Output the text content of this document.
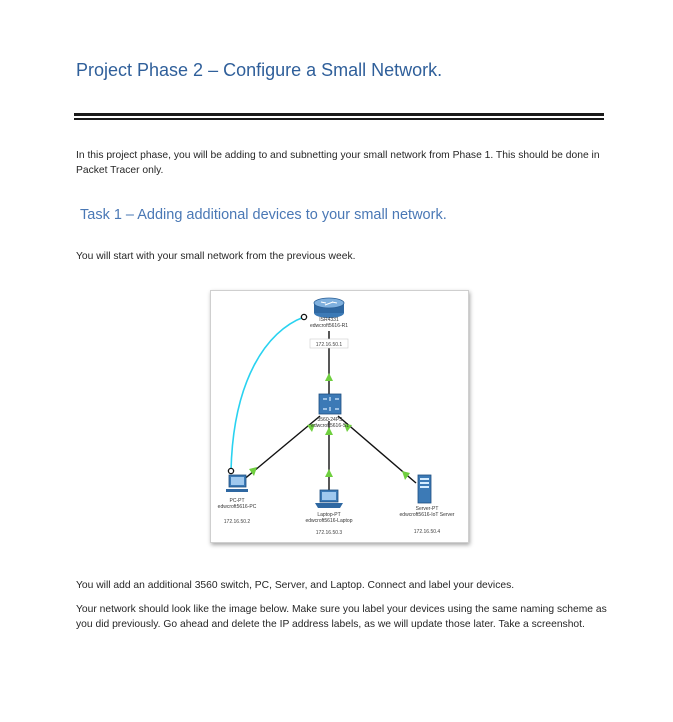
Project Phase 2 – Configure a Small Network.

In this project phase, you will be adding to and subnetting your small network from Phase 1. This should be done in Packet Tracer only.

Task 1 – Adding additional devices to your small network.

You will start with your small network from the previous week.

ISR4331
edwcroft5616-R1
172.16.50.1
3560-24PS
edwcroft5616-S1
PC-PT
edwcroft5616-PC
172.16.50.2
Laptop-PT
edwcroft5616-Laptop
172.16.50.3
Server-PT
edwcroft5616-IoT Server
172.16.50.4

You will add an additional 3560 switch, PC, Server, and Laptop. Connect and label your devices.

Your network should look like the image below. Make sure you label your devices using the same naming scheme as you did previously. Go ahead and delete the IP address labels, as we will update those later. Take a screenshot.
